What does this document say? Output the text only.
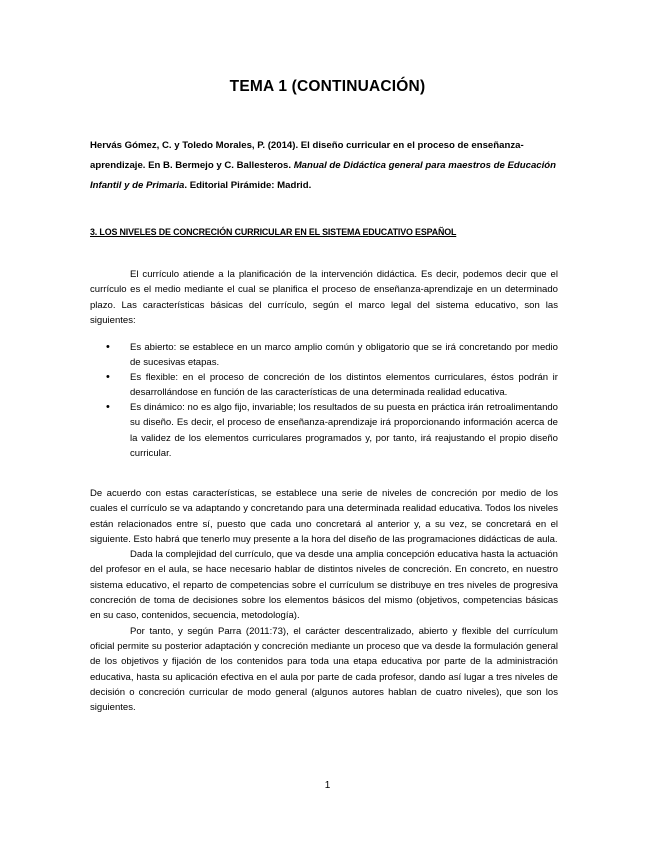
TEMA 1 (CONTINUACIÓN)
Hervás Gómez, C. y Toledo Morales, P. (2014). El diseño curricular en el proceso de enseñanza-aprendizaje. En B. Bermejo y C. Ballesteros. Manual de Didáctica general para maestros de Educación Infantil y de Primaria. Editorial Pirámide: Madrid.
3. LOS NIVELES DE CONCRECIÓN CURRICULAR EN EL SISTEMA EDUCATIVO ESPAÑOL

El currículo atiende a la planificación de la intervención didáctica. Es decir, podemos decir que el currículo es el medio mediante el cual se planifica el proceso de enseñanza-aprendizaje en un determinado plazo. Las características básicas del currículo, según el marco legal del sistema educativo, son las siguientes:

• Es abierto: se establece en un marco amplio común y obligatorio que se irá concretando por medio de sucesivas etapas.
• Es flexible: en el proceso de concreción de los distintos elementos curriculares, éstos podrán ir desarrollándose en función de las características de una determinada realidad educativa.
• Es dinámico: no es algo fijo, invariable; los resultados de su puesta en práctica irán retroalimentando su diseño. Es decir, el proceso de enseñanza-aprendizaje irá proporcionando información acerca de la validez de los elementos curriculares programados y, por tanto, irá reajustando el propio diseño curricular.

De acuerdo con estas características, se establece una serie de niveles de concreción por medio de los cuales el currículo se va adaptando y concretando para una determinada realidad educativa. Todos los niveles están relacionados entre sí, puesto que cada uno concretará al anterior y, a su vez, se concretará en el siguiente. Esto habrá que tenerlo muy presente a la hora del diseño de las programaciones didácticas de aula.

Dada la complejidad del currículo, que va desde una amplia concepción educativa hasta la actuación del profesor en el aula, se hace necesario hablar de distintos niveles de concreción. En concreto, en nuestro sistema educativo, el reparto de competencias sobre el currículum se distribuye en tres niveles de progresiva concreción de toma de decisiones sobre los elementos básicos del mismo (objetivos, competencias básicas en su caso, contenidos, secuencia, metodología).

Por tanto, y según Parra (2011:73), el carácter descentralizado, abierto y flexible del currículum oficial permite su posterior adaptación y concreción mediante un proceso que va desde la formulación general de los objetivos y fijación de los contenidos para toda una etapa educativa por parte de la administración educativa, hasta su aplicación efectiva en el aula por parte de cada profesor, dando así lugar a tres niveles de decisión o concreción curricular de modo general (algunos autores hablan de cuatro niveles), que son los siguientes.

1
